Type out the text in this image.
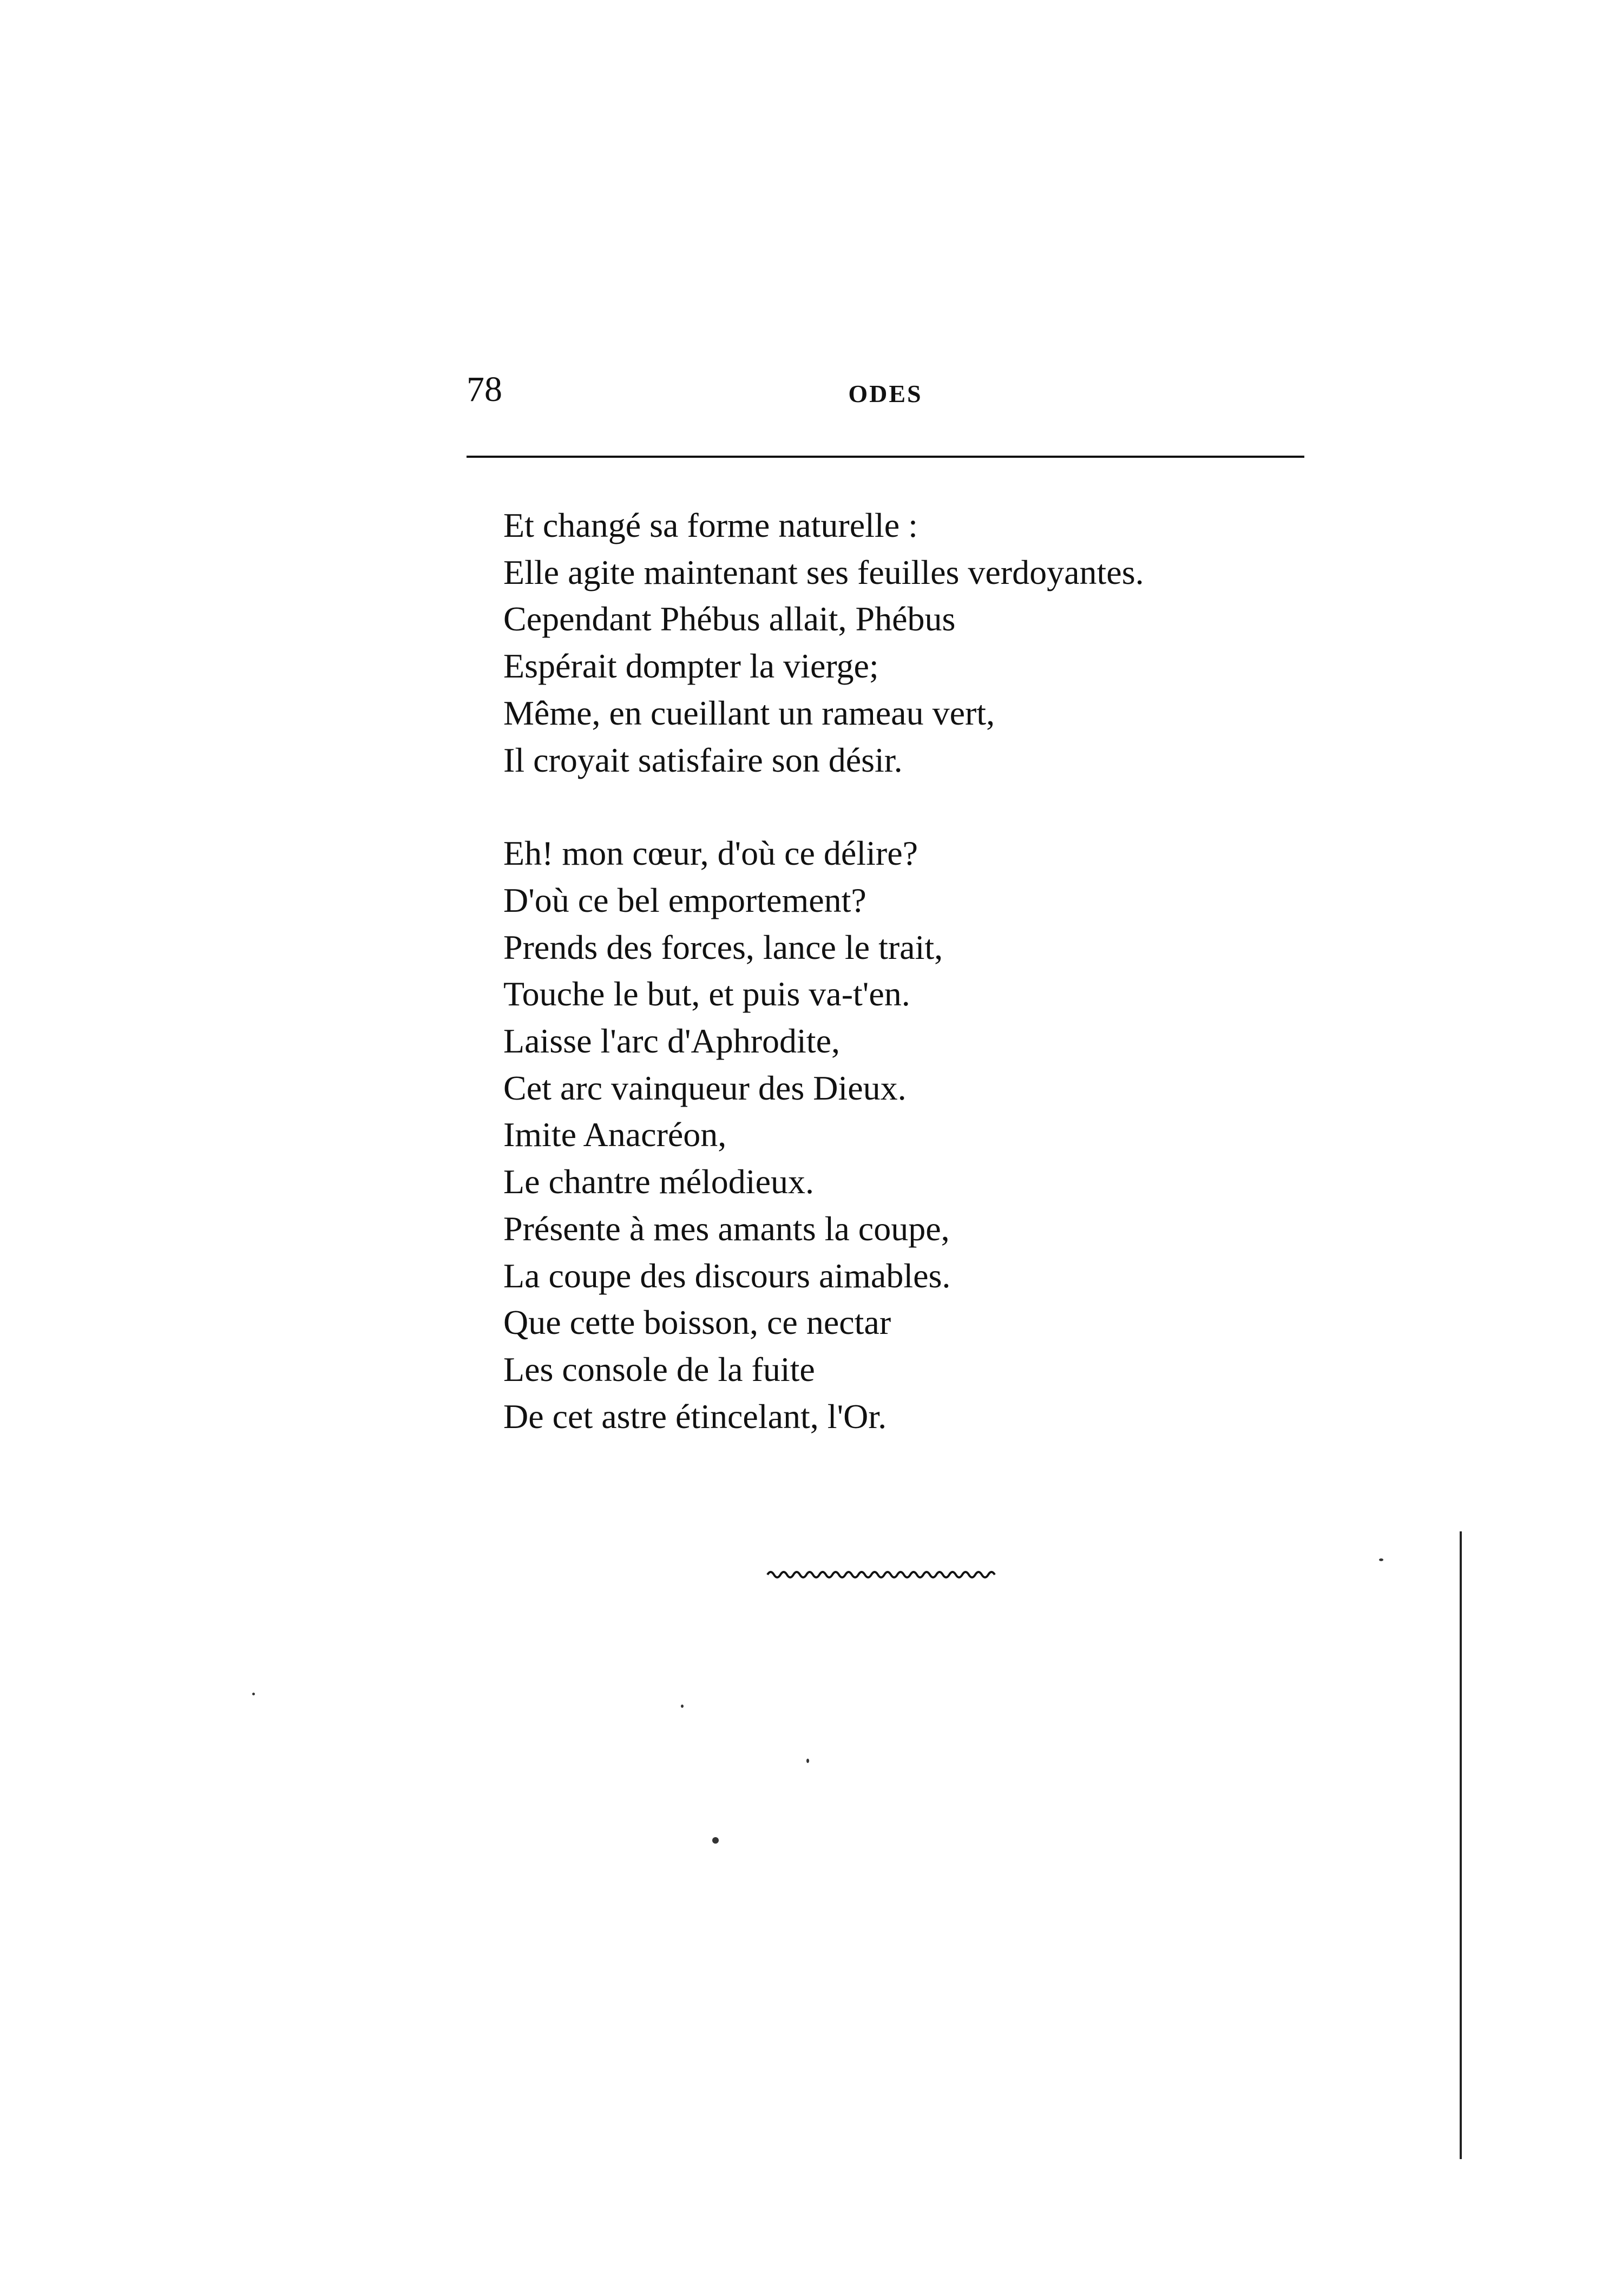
78	ODES

Et changé sa forme naturelle :
Elle agite maintenant ses feuilles verdoyantes.
Cependant Phébus allait, Phébus
Espérait dompter la vierge;
Même, en cueillant un rameau vert,
Il croyait satisfaire son désir.

Eh! mon cœur, d'où ce délire?
D'où ce bel emportement?
Prends des forces, lance le trait,
Touche le but, et puis va-t'en.
Laisse l'arc d'Aphrodite,
Cet arc vainqueur des Dieux.
Imite Anacréon,
Le chantre mélodieux.
Présente à mes amants la coupe,
La coupe des discours aimables.
Que cette boisson, ce nectar
Les console de la fuite
De cet astre étincelant, l'Or.
